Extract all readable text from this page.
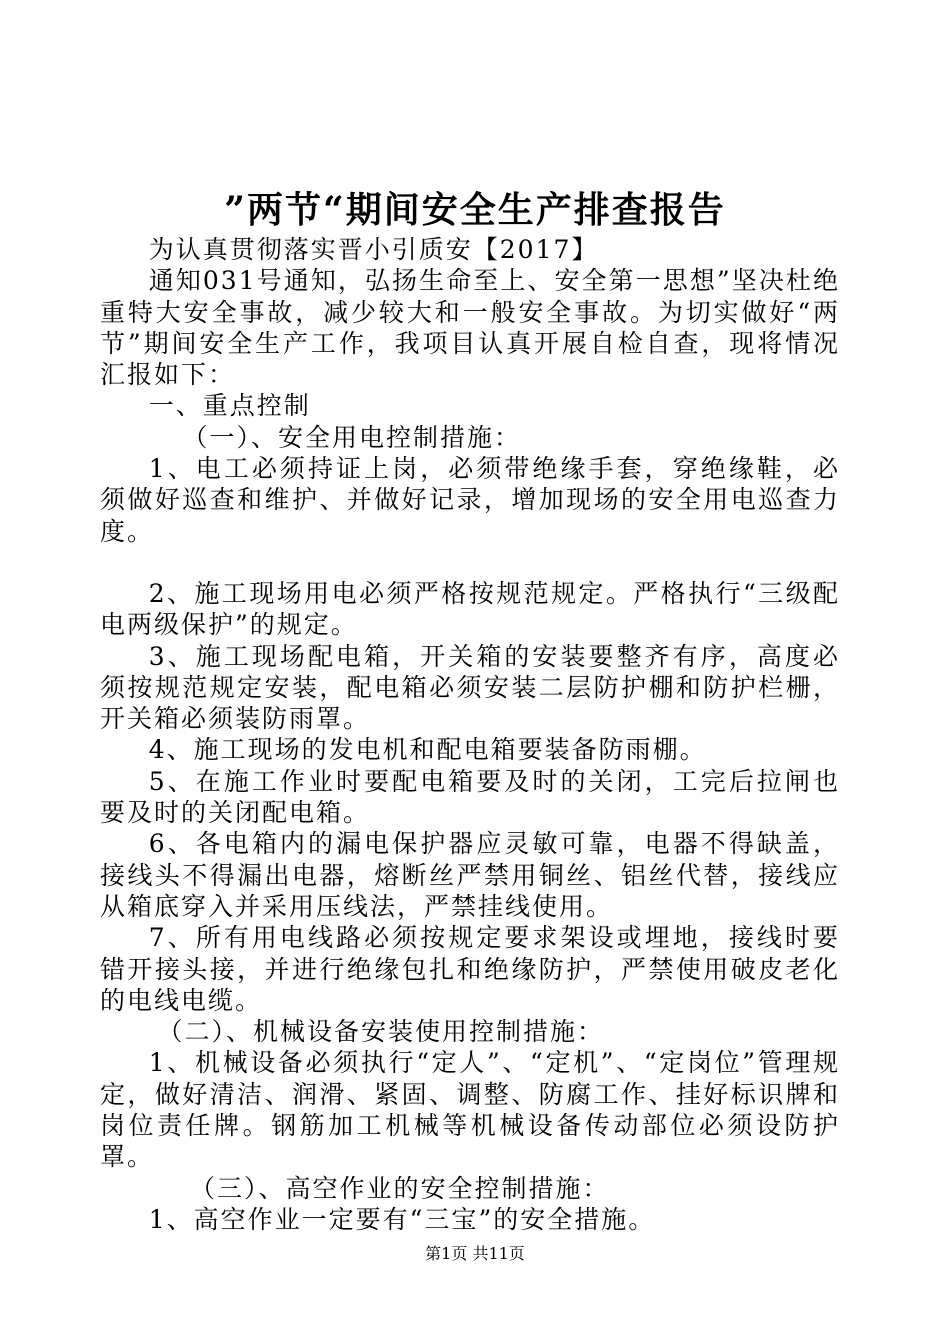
”两节“期间安全生产排查报告

为认真贯彻落实晋小引质安【2017】

通知031号通知，弘扬生命至上、安全第一思想”坚决杜绝重特大安全事故，减少较大和一般安全事故。为切实做好“两节”期间安全生产工作，我项目认真开展自检自查，现将情况汇报如下：

一、重点控制

（一）、安全用电控制措施：

1、电工必须持证上岗，必须带绝缘手套，穿绝缘鞋，必须做好巡查和维护、并做好记录，增加现场的安全用电巡查力度。

2、施工现场用电必须严格按规范规定。严格执行“三级配电两级保护”的规定。

3、施工现场配电箱，开关箱的安装要整齐有序，高度必须按规范规定安装，配电箱必须安装二层防护棚和防护栏栅，开关箱必须装防雨罩。

4、施工现场的发电机和配电箱要装备防雨棚。

5、在施工作业时要配电箱要及时的关闭，工完后拉闸也要及时的关闭配电箱。

6、各电箱内的漏电保护器应灵敏可靠，电器不得缺盖，接线头不得漏出电器，熔断丝严禁用铜丝、铝丝代替，接线应从箱底穿入并采用压线法，严禁挂线使用。

7、所有用电线路必须按规定要求架设或埋地，接线时要错开接头接，并进行绝缘包扎和绝缘防护，严禁使用破皮老化的电线电缆。

（二）、机械设备安装使用控制措施：

1、机械设备必须执行“定人”、“定机”、“定岗位”管理规定，做好清洁、润滑、紧固、调整、防腐工作、挂好标识牌和岗位责任牌。钢筋加工机械等机械设备传动部位必须设防护罩。

（三）、高空作业的安全控制措施：

1、高空作业一定要有“三宝”的安全措施。

第1页 共11页
